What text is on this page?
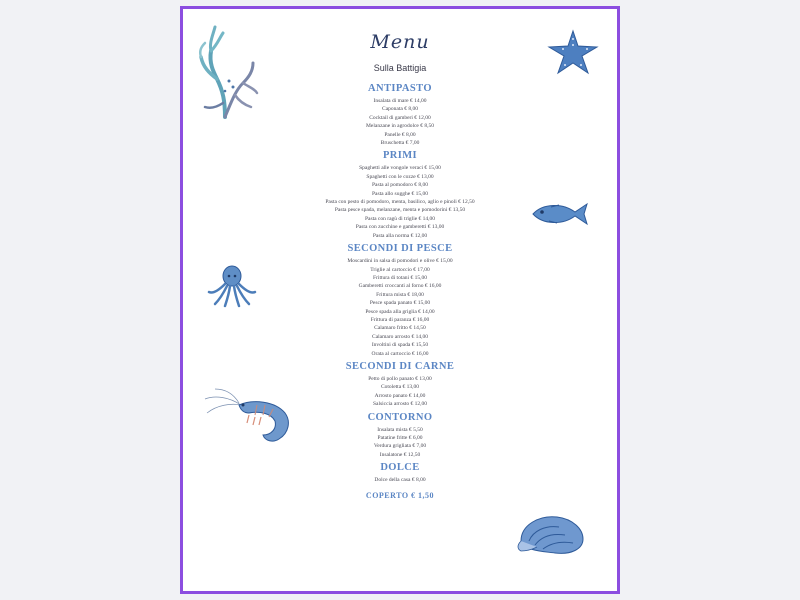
Menu
Sulla Battigia
ANTIPASTO
Insalata di mare € 14,00
Caponata € 8,00
Cocktail di gamberi € 12,00
Melanzane in agrodolce € 8,50
Panelle € 8,00
Bruschetta € 7,00
PRIMI
Spaghetti alle vongole veraci € 15,00
Spaghetti con le cozze € 13,00
Pasta al pomodoro € 8,00
Pasta allo sugghe € 15,00
Pasta con pesto di pomodoro, menta, basilico, aglio e pinoli € 12,50
Pasta pesce spada, melanzane, menta e pomodorini € 13,50
Pasta con ragù di triglie € 14,00
Pasta con zucchine e gamberetti € 13,00
Pasta alla norma € 12,00
SECONDI DI PESCE
Moscardini in salsa di pomodori e olive € 15,00
Triglie al cartoccio € 17,00
Frittura di totani € 15,00
Gamberetti croccanti al forno € 16,00
Frittura mista € 18,00
Pesce spada panato € 15,00
Pesce spada alla griglia € 14,00
Frittura di paranza € 16,00
Calamaro fritto € 14,50
Calamaro arrosto € 14,00
Involtini di spada € 15,50
Orata al cartoccio € 16,00
SECONDI DI CARNE
Petto di pollo panato € 13,00
Cotoletta € 13,00
Arrosto panato € 14,00
Salsiccia arrosto € 12,00
CONTORNO
Insalata mista € 5,50
Patatine fritte € 6,00
Verdura grigliata € 7,00
Insalatone € 12,50
DOLCE
Dolce della casa € 8,00
COPERTO € 1,50
